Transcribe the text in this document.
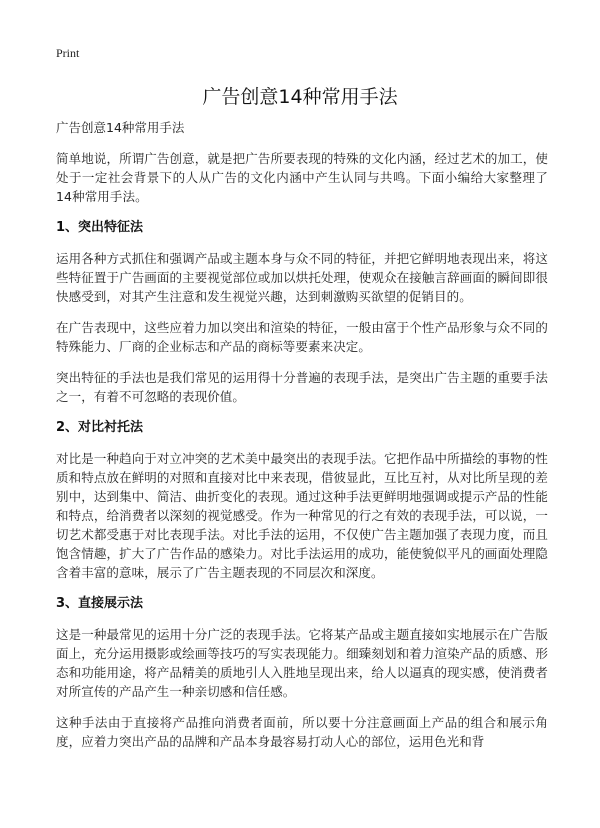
Print
广告创意14种常用手法
广告创意14种常用手法

简单地说，所谓广告创意，就是把广告所要表现的特殊的文化内涵，经过艺术的加工，使处于一定社会背景下的人从广告的文化内涵中产生认同与共鸣。下面小编给大家整理了14种常用手法。

1、突出特征法

运用各种方式抓住和强调产品或主题本身与众不同的特征，并把它鲜明地表现出来，将这些特征置于广告画面的主要视觉部位或加以烘托处理，使观众在接触言辞画面的瞬间即很快感受到，对其产生注意和发生视觉兴趣，达到刺激购买欲望的促销目的。

在广告表现中，这些应着力加以突出和渲染的特征，一般由富于个性产品形象与众不同的特殊能力、厂商的企业标志和产品的商标等要素来决定。

突出特征的手法也是我们常见的运用得十分普遍的表现手法，是突出广告主题的重要手法之一，有着不可忽略的表现价值。

2、对比衬托法

对比是一种趋向于对立冲突的艺术美中最突出的表现手法。它把作品中所描绘的事物的性质和特点放在鲜明的对照和直接对比中来表现，借彼显此，互比互衬，从对比所呈现的差别中，达到集中、简洁、曲折变化的表现。通过这种手法更鲜明地强调或提示产品的性能和特点，给消费者以深刻的视觉感受。作为一种常见的行之有效的表现手法，可以说，一切艺术都受惠于对比表现手法。对比手法的运用，不仅使广告主题加强了表现力度，而且饱含情趣，扩大了广告作品的感染力。对比手法运用的成功，能使貌似平凡的画面处理隐含着丰富的意味，展示了广告主题表现的不同层次和深度。

3、直接展示法

这是一种最常见的运用十分广泛的表现手法。它将某产品或主题直接如实地展示在广告版面上，充分运用摄影或绘画等技巧的写实表现能力。细臻刻划和着力渲染产品的质感、形态和功能用途，将产品精美的质地引人入胜地呈现出来，给人以逼真的现实感，使消费者对所宣传的产品产生一种亲切感和信任感。

这种手法由于直接将产品推向消费者面前，所以要十分注意画面上产品的组合和展示角度，应着力突出产品的品牌和产品本身最容易打动人心的部位，运用色光和背
